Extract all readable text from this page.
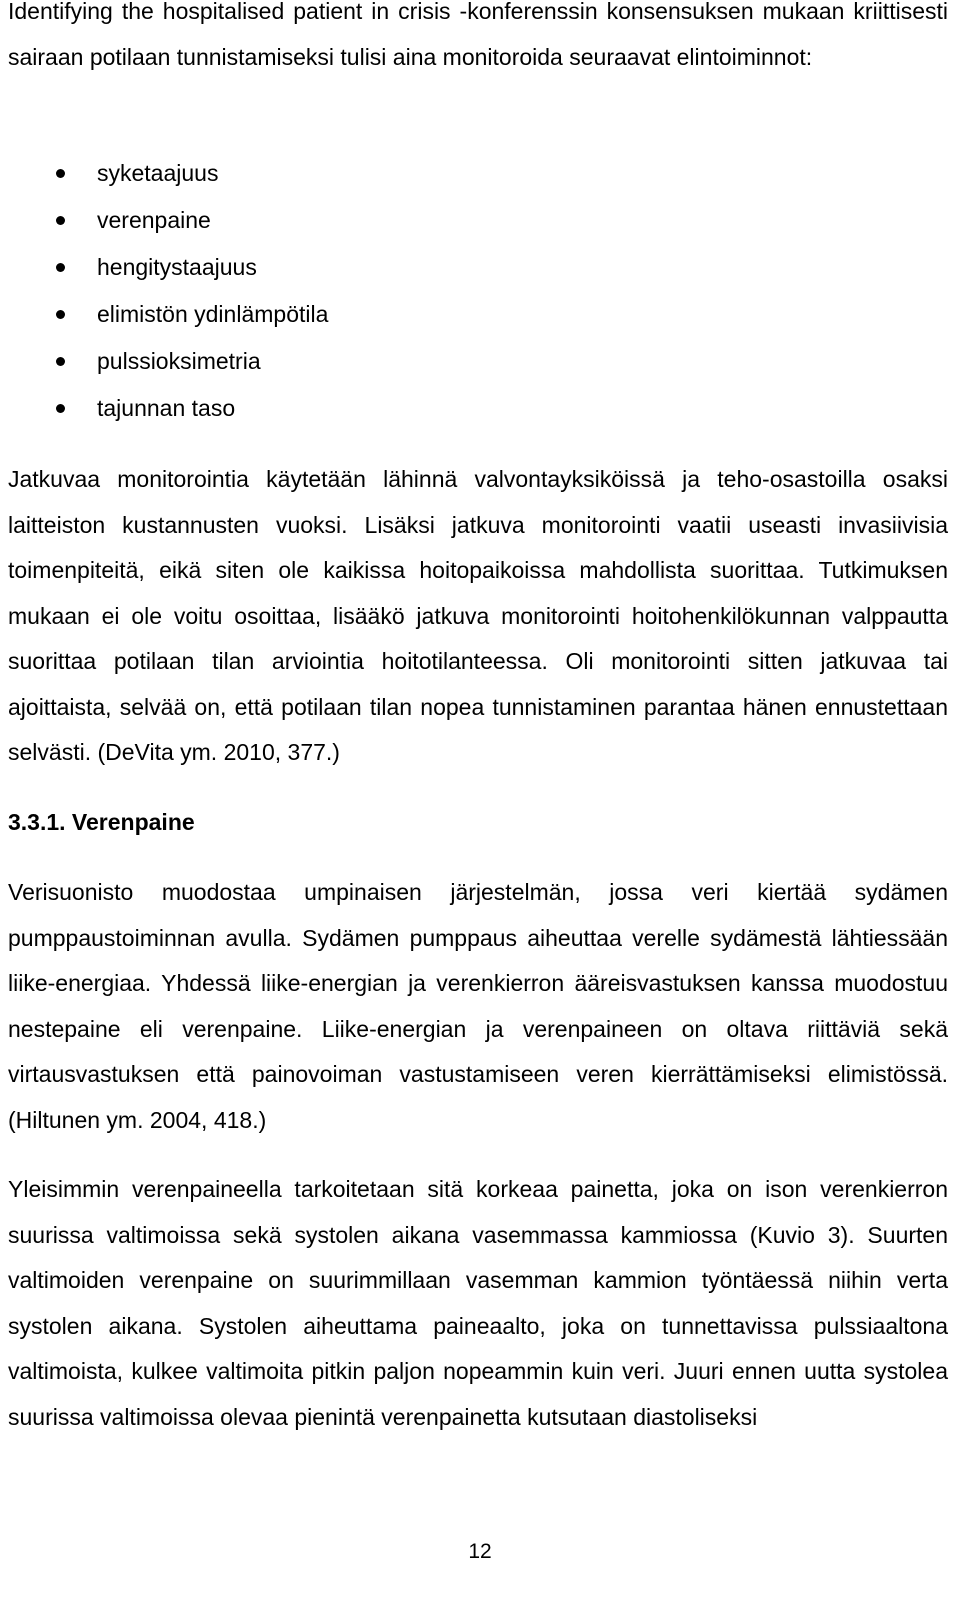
Identifying the hospitalised patient in crisis -konferenssin konsensuksen mukaan kriittisesti sairaan potilaan tunnistamiseksi tulisi aina monitoroida seuraavat elintoiminnot:

syketaajuus
verenpaine
hengitystaajuus
elimistön ydinlämpötila
pulssioksimetria
tajunnan taso

Jatkuvaa monitorointia käytetään lähinnä valvontayksiköissä ja teho-osastoilla osaksi laitteiston kustannusten vuoksi. Lisäksi jatkuva monitorointi vaatii useasti invasiivisia toimenpiteitä, eikä siten ole kaikissa hoitopaikoissa mahdollista suorittaa. Tutkimuksen mukaan ei ole voitu osoittaa, lisääkö jatkuva monitorointi hoitohenkilökunnan valppautta suorittaa potilaan tilan arviointia hoitotilanteessa. Oli monitorointi sitten jatkuvaa tai ajoittaista, selvää on, että potilaan tilan nopea tunnistaminen parantaa hänen ennustettaan selvästi. (DeVita ym. 2010, 377.)

3.3.1. Verenpaine

Verisuonisto muodostaa umpinaisen järjestelmän, jossa veri kiertää sydämen pumppaustoiminnan avulla. Sydämen pumppaus aiheuttaa verelle sydämestä lähtiessään liike-energiaa. Yhdessä liike-energian ja verenkierron ääreisvastuksen kanssa muodostuu nestepaine eli verenpaine. Liike-energian ja verenpaineen on oltava riittäviä sekä virtausvastuksen että painovoiman vastustamiseen veren kierrättämiseksi elimistössä. (Hiltunen ym. 2004, 418.)

Yleisimmin verenpaineella tarkoitetaan sitä korkeaa painetta, joka on ison verenkierron suurissa valtimoissa sekä systolen aikana vasemmassa kammiossa (Kuvio 3). Suurten valtimoiden verenpaine on suurimmillaan vasemman kammion työntäessä niihin verta systolen aikana. Systolen aiheuttama paineaalto, joka on tunnettavissa pulssiaaltona valtimoista, kulkee valtimoita pitkin paljon nopeammin kuin veri. Juuri ennen uutta systolea suurissa valtimoissa olevaa pienintä verenpainetta kutsutaan diastoliseksi

12
